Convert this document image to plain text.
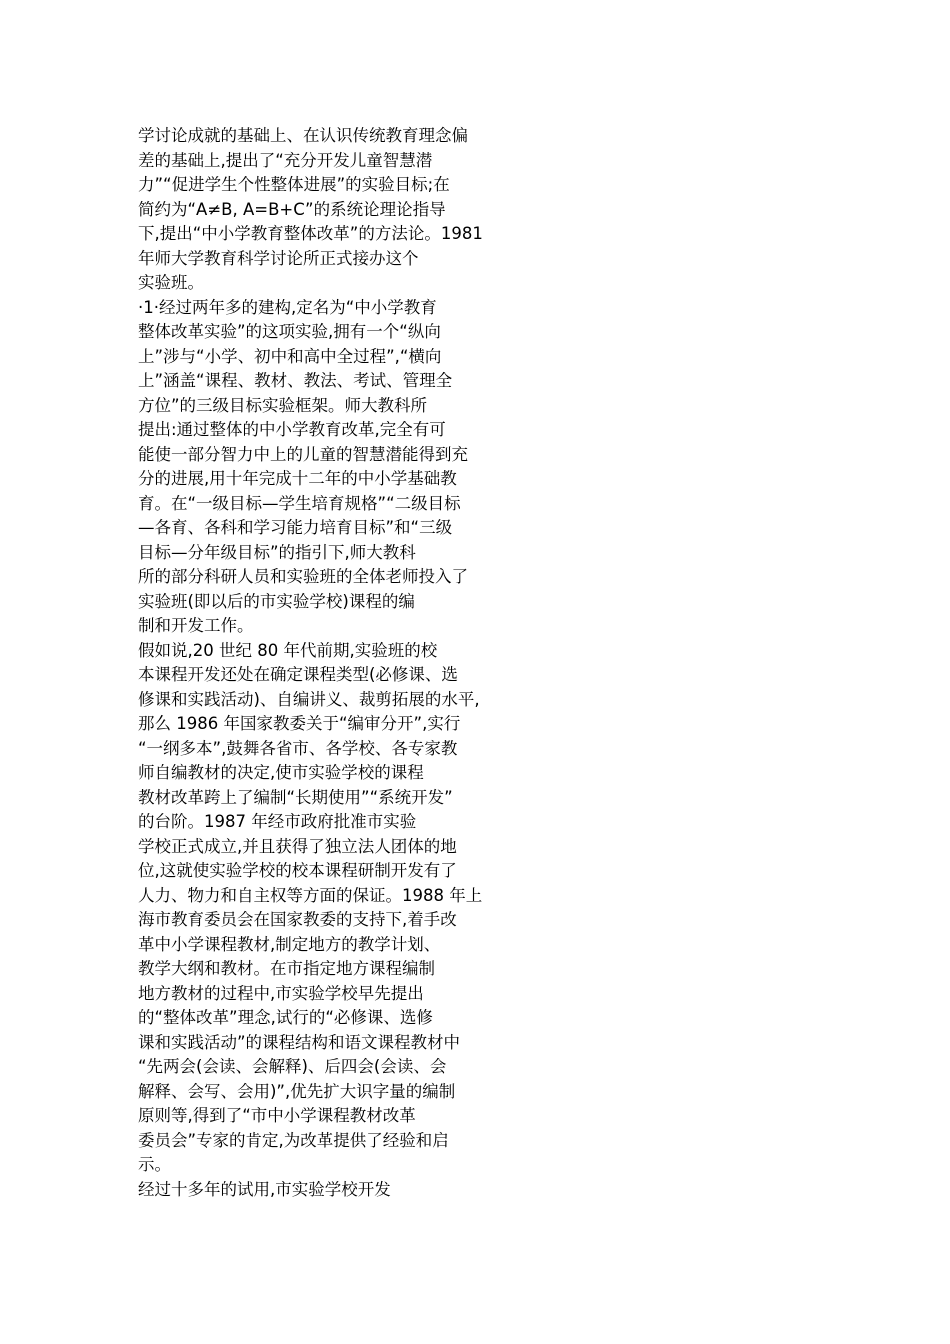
学讨论成就的基础上、在认识传统教育理念偏
差的基础上,提出了“充分开发儿童智慧潜
力”“促进学生个性整体进展”的实验目标;在
简约为“A≠B, A=B+C”的系统论理论指导
下,提出“中小学教育整体改革”的方法论。1981
年师大学教育科学讨论所正式接办这个
实验班。
·1·经过两年多的建构,定名为“中小学教育
整体改革实验”的这项实验,拥有一个“纵向
上”涉与“小学、初中和高中全过程”,“横向
上”涵盖“课程、教材、教法、考试、管理全
方位”的三级目标实验框架。师大教科所
提出:通过整体的中小学教育改革,完全有可
能使一部分智力中上的儿童的智慧潜能得到充
分的进展,用十年完成十二年的中小学基础教
育。在“一级目标—学生培育规格”“二级目标
—各育、各科和学习能力培育目标”和“三级
目标—分年级目标”的指引下,师大教科
所的部分科研人员和实验班的全体老师投入了
实验班(即以后的市实验学校)课程的编
制和开发工作。
假如说,20 世纪 80 年代前期,实验班的校
本课程开发还处在确定课程类型(必修课、选
修课和实践活动)、自编讲义、裁剪拓展的水平,
那么 1986 年国家教委关于“编审分开”,实行
“一纲多本”,鼓舞各省市、各学校、各专家教
师自编教材的决定,使市实验学校的课程
教材改革跨上了编制“长期使用”“系统开发”
的台阶。1987 年经市政府批准市实验
学校正式成立,并且获得了独立法人团体的地
位,这就使实验学校的校本课程研制开发有了
人力、物力和自主权等方面的保证。1988 年上
海市教育委员会在国家教委的支持下,着手改
革中小学课程教材,制定地方的教学计划、
教学大纲和教材。在市指定地方课程编制
地方教材的过程中,市实验学校早先提出
的“整体改革”理念,试行的“必修课、选修
课和实践活动”的课程结构和语文课程教材中
“先两会(会读、会解释)、后四会(会读、会
解释、会写、会用)”,优先扩大识字量的编制
原则等,得到了“市中小学课程教材改革
委员会”专家的肯定,为改革提供了经验和启
示。
经过十多年的试用,市实验学校开发
